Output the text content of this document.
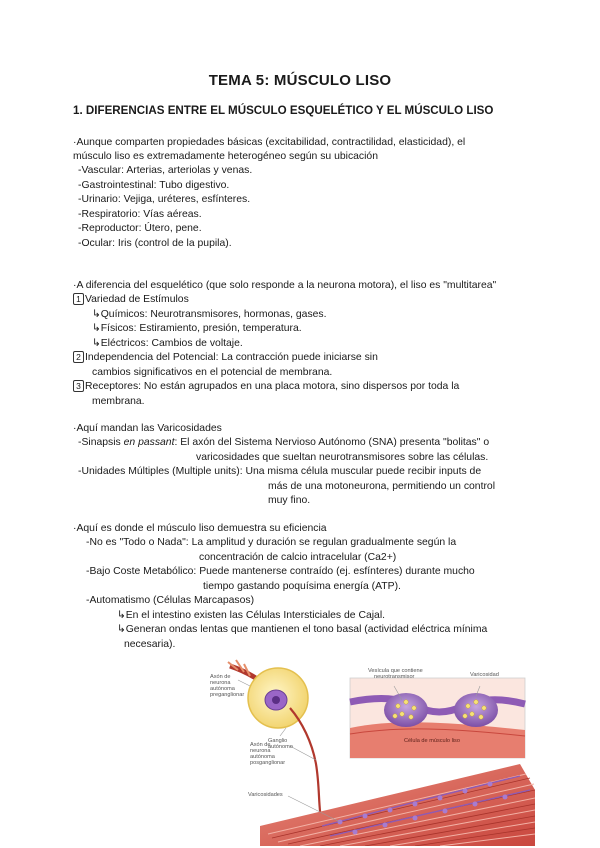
TEMA 5: MÚSCULO LISO
1. DIFERENCIAS ENTRE EL MÚSCULO ESQUELÉTICO Y EL MÚSCULO LISO
·Aunque comparten propiedades básicas (excitabilidad, contractilidad, elasticidad), el
músculo liso es extremadamente heterogéneo según su ubicación
-Vascular: Arterias, arteriolas y venas.
-Gastrointestinal: Tubo digestivo.
-Urinario: Vejiga, uréteres, esfínteres.
-Respiratorio: Vías aéreas.
-Reproductor: Útero, pene.
-Ocular: Iris (control de la pupila).
·A diferencia del esquelético (que solo responde a la neurona motora), el liso es "multitarea"
1 Variedad de Estímulos
↳Químicos: Neurotransmisores, hormonas, gases.
↳Físicos: Estiramiento, presión, temperatura.
↳Eléctricos: Cambios de voltaje.
2 Independencia del Potencial: La contracción puede iniciarse sin
cambios significativos en el potencial de membrana.
3 Receptores: No están agrupados en una placa motora, sino dispersos por toda la
membrana.
·Aquí mandan las Varicosidades
-Sinapsis en passant: El axón del Sistema Nervioso Autónomo (SNA) presenta "bolitas" o
varicosidades que sueltan neurotransmisores sobre las células.
-Unidades Múltiples (Multiple units): Una misma célula muscular puede recibir inputs de
más de una motoneurona, permitiendo un control
muy fino.
·Aquí es donde el músculo liso demuestra su eficiencia
-No es "Todo o Nada": La amplitud y duración se regulan gradualmente según la
concentración de calcio intracelular (Ca2+)
-Bajo Coste Metabólico: Puede mantenerse contraído (ej. esfínteres) durante mucho
tiempo gastando poquísima energía (ATP).
-Automatismo (Células Marcapasos)
↳En el intestino existen las Células Intersticiales de Cajal.
↳Generan ondas lentas que mantienen el tono basal (actividad eléctrica mínima
necesaria).
Axón de
neurona
autónoma
preganglionar
Ganglio
autónomo
Axón de
neurona
autónoma
posganglionar
Varicosidades
Vesícula que contiene
neurotransmisor	Varicosidad
Célula de músculo liso
